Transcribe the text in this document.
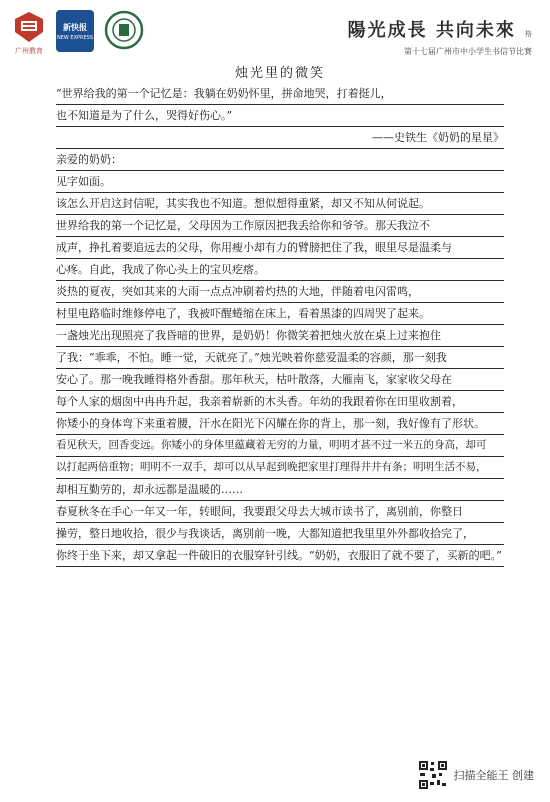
广州教育
新快报
NEW EXPRESS	陽光成長 共向未來 格
第十七届广州市中小学生书信节比赛
烛光里的微笑
“世界给我的第一个记忆是：我躺在奶奶怀里，拼命地哭，打着挺儿，
也不知道是为了什么，哭得好伤心。”
——史铁生《奶奶的星星》
亲爱的奶奶：
见字如面。
该怎么开启这封信呢，其实我也不知道。想似想得重紧，却又不知从何说起。
世界给我的第一个记忆是，父母因为工作原因把我丢给你和爷爷。那天我泣不
成声，挣扎着要追远去的父母，你用瘦小却有力的臂膀把住了我，眼里尽是温柔与
心疼。自此，我成了你心头上的宝贝疙瘩。
炎热的夏夜，突如其来的大雨一点点冲刷着灼热的大地，伴随着电闪雷鸣，
村里电路临时维修停电了，我被吓醒蜷缩在床上，看着黑漆的四周哭了起来。
一盏烛光出现照亮了我昏暗的世界，是奶奶！你微笑着把烛火放在桌上过来抱住
了我：“乖乖，不怕。睡一觉，天就亮了。”烛光映着你慈爱温柔的容颜，那一刻我
安心了。那一晚我睡得格外香甜。那年秋天，枯叶散落，大雁南飞，家家收父母在
每个人家的烟囱中冉冉升起，我亲着崭新的木头香。年幼的我跟着你在田里收割着，
你矮小的身体弯下来重着腰，汗水在阳光下闪耀在你的背上，那一刻，我好像有了形状。
看见秋天，回香变远。你矮小的身体里蕴藏着无穷的力量，明明才甚不过一米五的身高，却可
以打起两倍重物；明明不一双手，却可以从早起到晚把家里打理得井井有条；明明生活不易，
却相互勤劳的，却永远都是温暖的……
春夏秋冬在手心一年又一年，转眼间，我要跟父母去大城市读书了，离别前，你整日
操劳，整日地收拾，很少与我谈话，离别前一晚，大都知道把我里里外外都收拾完了，
你终于坐下来，却又拿起一件破旧的衣服穿针引线。“奶奶，衣服旧了就不要了，买新的吧。”
扫描全能王 创建
